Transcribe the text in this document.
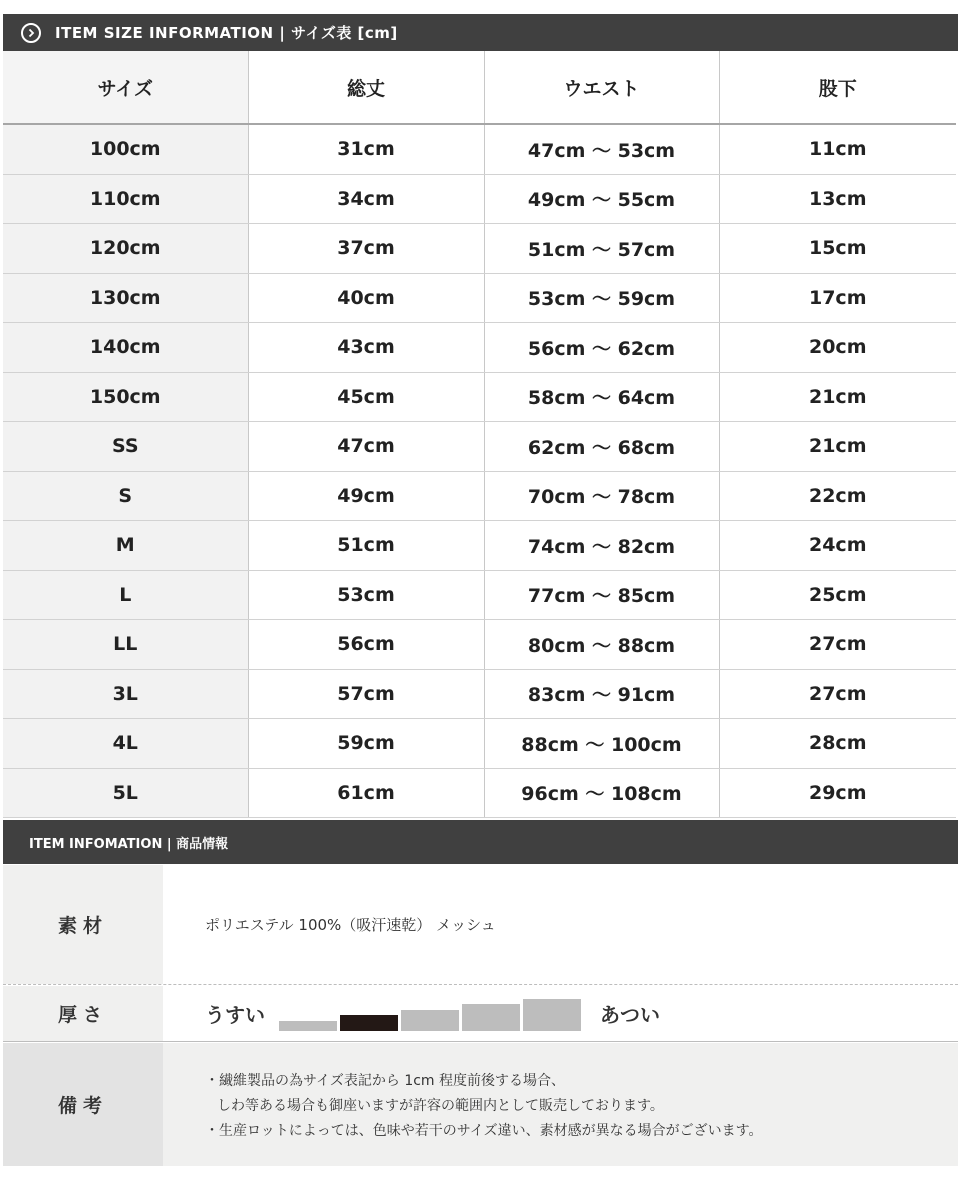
ITEM SIZE INFORMATION | サイズ表 [cm]
サイズ	総丈	ウエスト	股下
100cm	31cm	47cm 〜 53cm	11cm
110cm	34cm	49cm 〜 55cm	13cm
120cm	37cm	51cm 〜 57cm	15cm
130cm	40cm	53cm 〜 59cm	17cm
140cm	43cm	56cm 〜 62cm	20cm
150cm	45cm	58cm 〜 64cm	21cm
SS	47cm	62cm 〜 68cm	21cm
S	49cm	70cm 〜 78cm	22cm
M	51cm	74cm 〜 82cm	24cm
L	53cm	77cm 〜 85cm	25cm
LL	56cm	80cm 〜 88cm	27cm
3L	57cm	83cm 〜 91cm	27cm
4L	59cm	88cm 〜 100cm	28cm
5L	61cm	96cm 〜 108cm	29cm
ITEM INFOMATION | 商品情報
素材	ポリエステル 100%（吸汗速乾） メッシュ
厚さ	うすい	あつい
備考
・繊維製品の為サイズ表記から 1cm 程度前後する場合、
しわ等ある場合も御座いますが許容の範囲内として販売しております。
・生産ロットによっては、色味や若干のサイズ違い、素材感が異なる場合がございます。
